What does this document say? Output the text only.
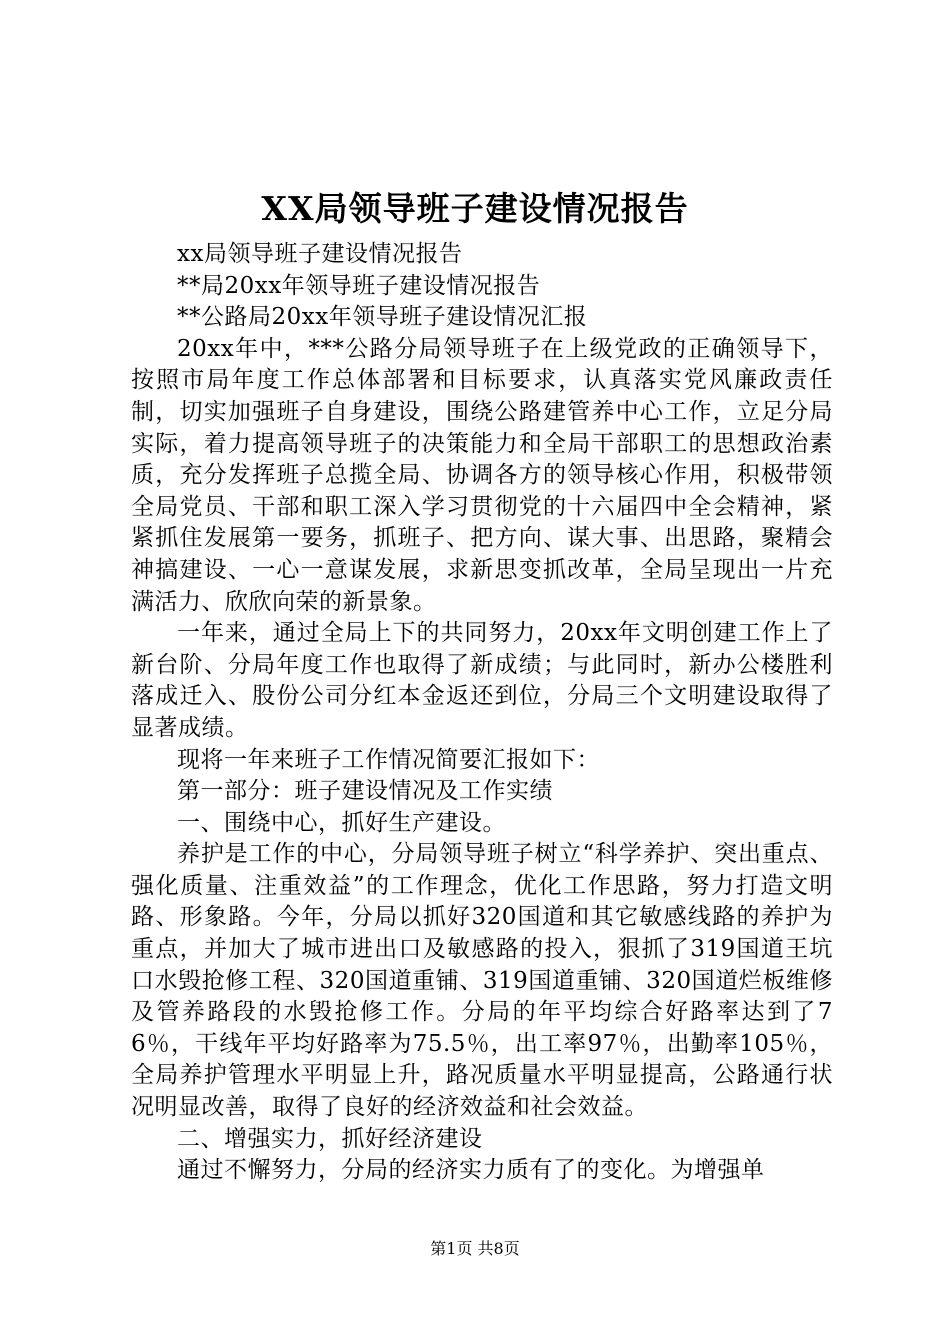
XX局领导班子建设情况报告

xx局领导班子建设情况报告

**局20xx年领导班子建设情况报告

**公路局20xx年领导班子建设情况汇报

20xx年中，***公路分局领导班子在上级党政的正确领导下，按照市局年度工作总体部署和目标要求，认真落实党风廉政责任制，切实加强班子自身建设，围绕公路建管养中心工作，立足分局实际，着力提高领导班子的决策能力和全局干部职工的思想政治素质，充分发挥班子总揽全局、协调各方的领导核心作用，积极带领全局党员、干部和职工深入学习贯彻党的十六届四中全会精神，紧紧抓住发展第一要务，抓班子、把方向、谋大事、出思路，聚精会神搞建设、一心一意谋发展，求新思变抓改革，全局呈现出一片充满活力、欣欣向荣的新景象。

一年来，通过全局上下的共同努力，20xx年文明创建工作上了新台阶、分局年度工作也取得了新成绩；与此同时，新办公楼胜利落成迁入、股份公司分红本金返还到位，分局三个文明建设取得了显著成绩。

现将一年来班子工作情况简要汇报如下：

第一部分：班子建设情况及工作实绩

一、围绕中心，抓好生产建设。

养护是工作的中心，分局领导班子树立“科学养护、突出重点、强化质量、注重效益”的工作理念，优化工作思路，努力打造文明路、形象路。今年，分局以抓好320国道和其它敏感线路的养护为重点，并加大了城市进出口及敏感路的投入，狠抓了319国道王坑口水毁抢修工程、320国道重铺、319国道重铺、320国道烂板维修及管养路段的水毁抢修工作。分局的年平均综合好路率达到了76％，干线年平均好路率为75.5％，出工率97％，出勤率105％，全局养护管理水平明显上升，路况质量水平明显提高，公路通行状况明显改善，取得了良好的经济效益和社会效益。

二、增强实力，抓好经济建设

通过不懈努力，分局的经济实力质有了的变化。为增强单

第1页 共8页
